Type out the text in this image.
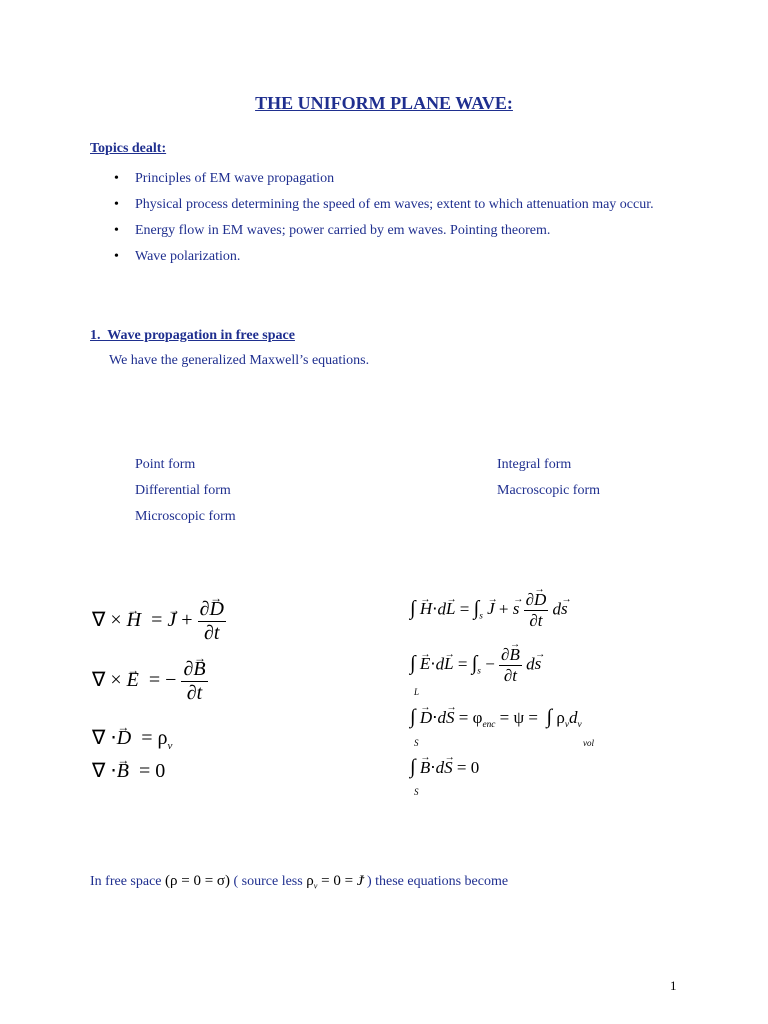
THE UNIFORM PLANE WAVE:
Topics dealt:
• Principles of EM wave propagation
• Physical process determining the speed of em waves; extent to which attenuation may occur.
• Energy flow in EM waves; power carried by em waves. Pointing theorem.
• Wave polarization.
1.  Wave propagation in free space
We have the generalized Maxwell’s equations.
Point form
Differential form
Microscopic form
Integral form
Macroscopic form
∇ × → H  = → $J + \frac{\partial\to D}{\partial t}$
∇ × → E  = − $\frac{\partial\to B}{\partial t}$
∇ ⋅→ $D = \rho_v$
∇ ⋅→ B  = 0
∫ → $H\cdot d\to L = \int_s \to J$ + → s $\frac{\partial\to D}{\partial t} d\to s$
∫ → $E\cdot d\to L = \int_s - \frac{\partial\to B}{\partial t} d\to s$
L
∫ → $D\cdot d\to S = \varphi_{enc} = \psi$ =  ∫ $\rho_vd_v$
S	vol
∫ → B⋅d→ S = 0
S
In free space (ρ = 0 = σ) ( source less $\rho_v = 0$ = → J ) these equations become
1
